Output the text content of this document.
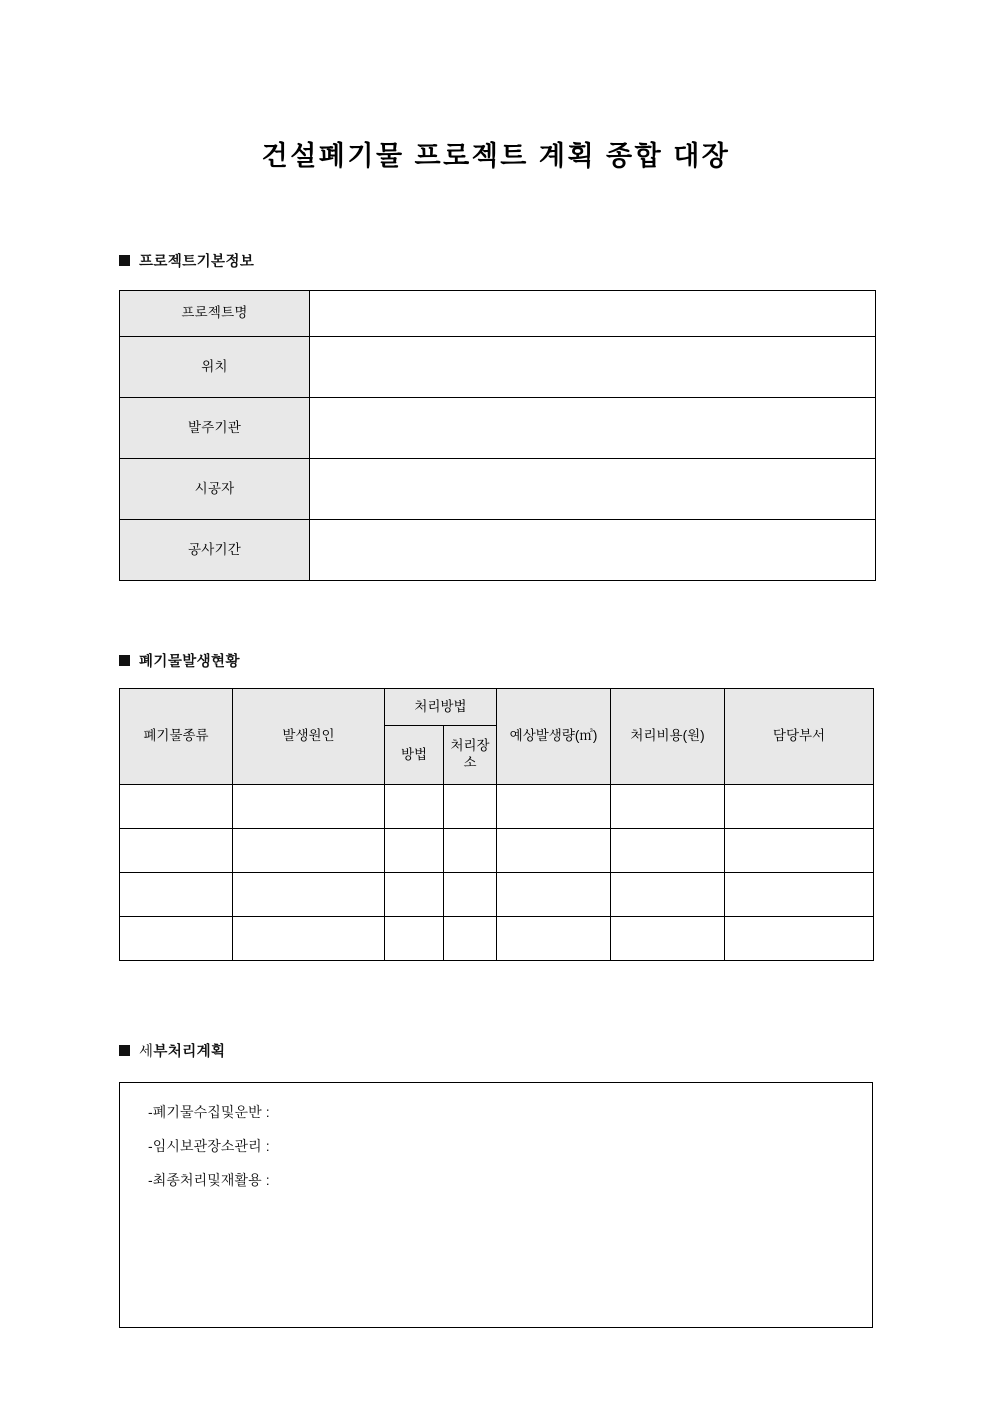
건설폐기물 프로젝트 계획 종합 대장
프로젝트기본정보
프로젝트명	
위치	
발주기관	
시공자	
공사기간	
폐기물발생현황
폐기물종류	발생원인	처리방법		예상발생량(㎥)	처리비용(원)	담당부서
		방법	처리장소			

세 부처리계획
-폐기물수집및운반 :
-임시보관장소관리 :
-최종처리및재활용 :
